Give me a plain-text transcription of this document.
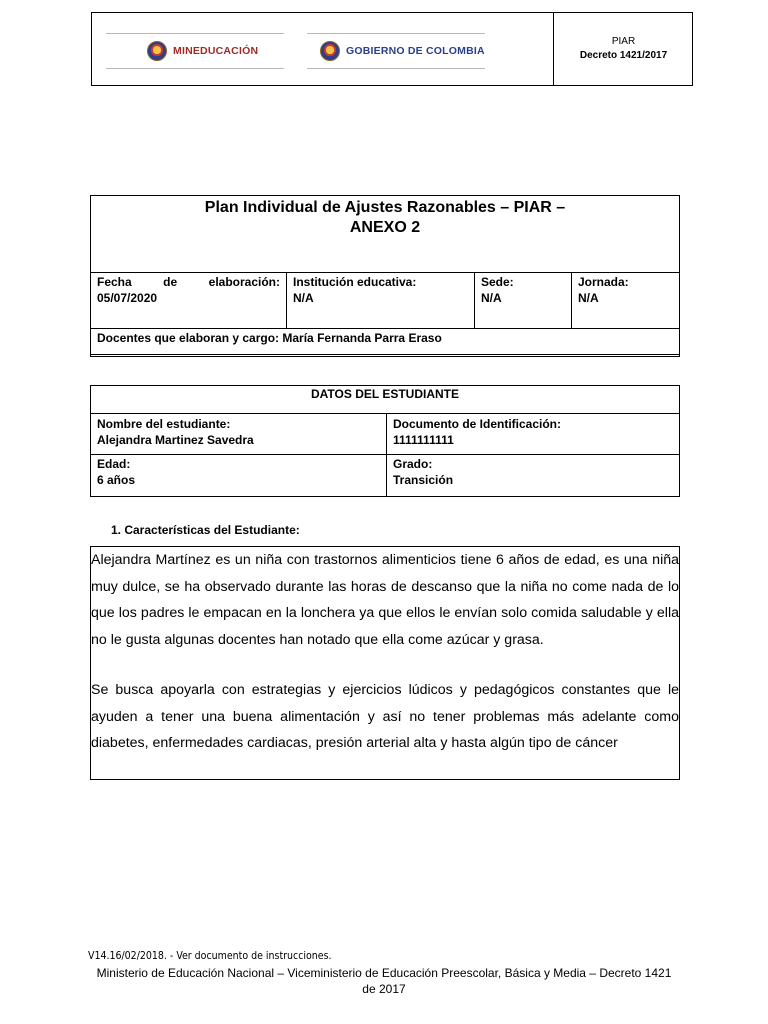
MINEDUCACIÓN	GOBIERNO DE COLOMBIA
PIAR
Decreto 1421/2017
Plan Individual de Ajustes Razonables – PIAR –
ANEXO 2
Fecha	de	elaboración:
05/07/2020
Institución educativa:
N/A
Sede:
N/A
Jornada:
N/A
Docentes que elaboran y cargo: María Fernanda Parra Eraso
DATOS DEL ESTUDIANTE
Nombre del estudiante:
Alejandra Martinez Savedra
Documento de Identificación:
1111111111
Edad:
6 años
Grado:
Transición
1. Características del Estudiante:

Alejandra Martínez es un niña con trastornos alimenticios tiene 6 años de edad, es una niña muy dulce, se ha observado durante las horas de descanso que la niña no come nada de lo que los padres le empacan en la lonchera ya que ellos le envían solo comida saludable y ella no le gusta algunas docentes han notado que ella come azúcar y grasa.

Se busca apoyarla con estrategias y ejercicios lúdicos y pedagógicos constantes que le ayuden a tener una buena alimentación y así no tener problemas más adelante como diabetes, enfermedades cardiacas, presión arterial alta y hasta algún tipo de cáncer

V14.16/02/2018. - Ver documento de instrucciones.
Ministerio de Educación Nacional – Viceministerio de Educación Preescolar, Básica y Media – Decreto 1421 de 2017
